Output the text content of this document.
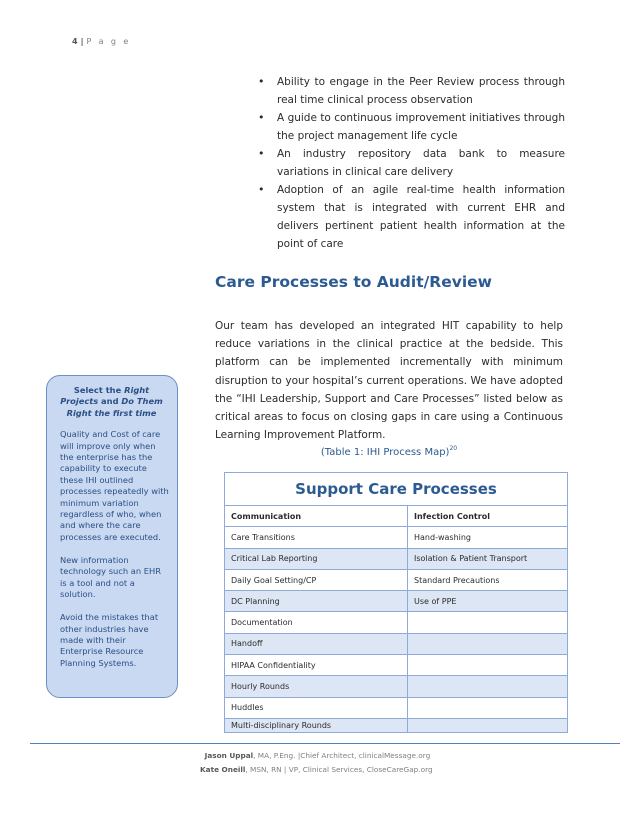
4 | P a g e
• Ability to engage in the Peer Review process through real time clinical process observation
• A guide to continuous improvement initiatives through the project management life cycle
• An industry repository data bank to measure variations in clinical care delivery
• Adoption of an agile real-time health information system that is integrated with current EHR and delivers pertinent patient health information at the point of care
Care Processes to Audit/Review

Our team has developed an integrated HIT capability to help reduce variations in the clinical practice at the bedside. This platform can be implemented incrementally with minimum disruption to your hospital’s current operations. We have adopted the “IHI Leadership, Support and Care Processes” listed below as critical areas to focus on closing gaps in care using a Continuous Learning Improvement Platform.

Select the Right Projects and Do Them Right the first time

Quality and Cost of care will improve only when the enterprise has the capability to execute these IHI outlined processes repeatedly with minimum variation regardless of who, when and where the care processes are executed.

New information technology such an EHR is a tool and not a solution.

Avoid the mistakes that other industries have made with their Enterprise Resource Planning Systems.

(Table 1: IHI Process Map)$^{20}$
Support Care Processes	
Communication	Infection Control
Care Transitions	Hand-washing
Critical Lab Reporting	Isolation & Patient Transport
Daily Goal Setting/CP	Standard Precautions
DC Planning	Use of PPE
Documentation	
Handoff	
HIPAA Confidentiality	
Hourly Rounds	
Huddles	
Multi-disciplinary Rounds	
Jason Uppal, MA, P.Eng. |Chief Architect, clinicalMessage.org
Kate Oneill, MSN, RN | VP, Clinical Services, CloseCareGap.org
